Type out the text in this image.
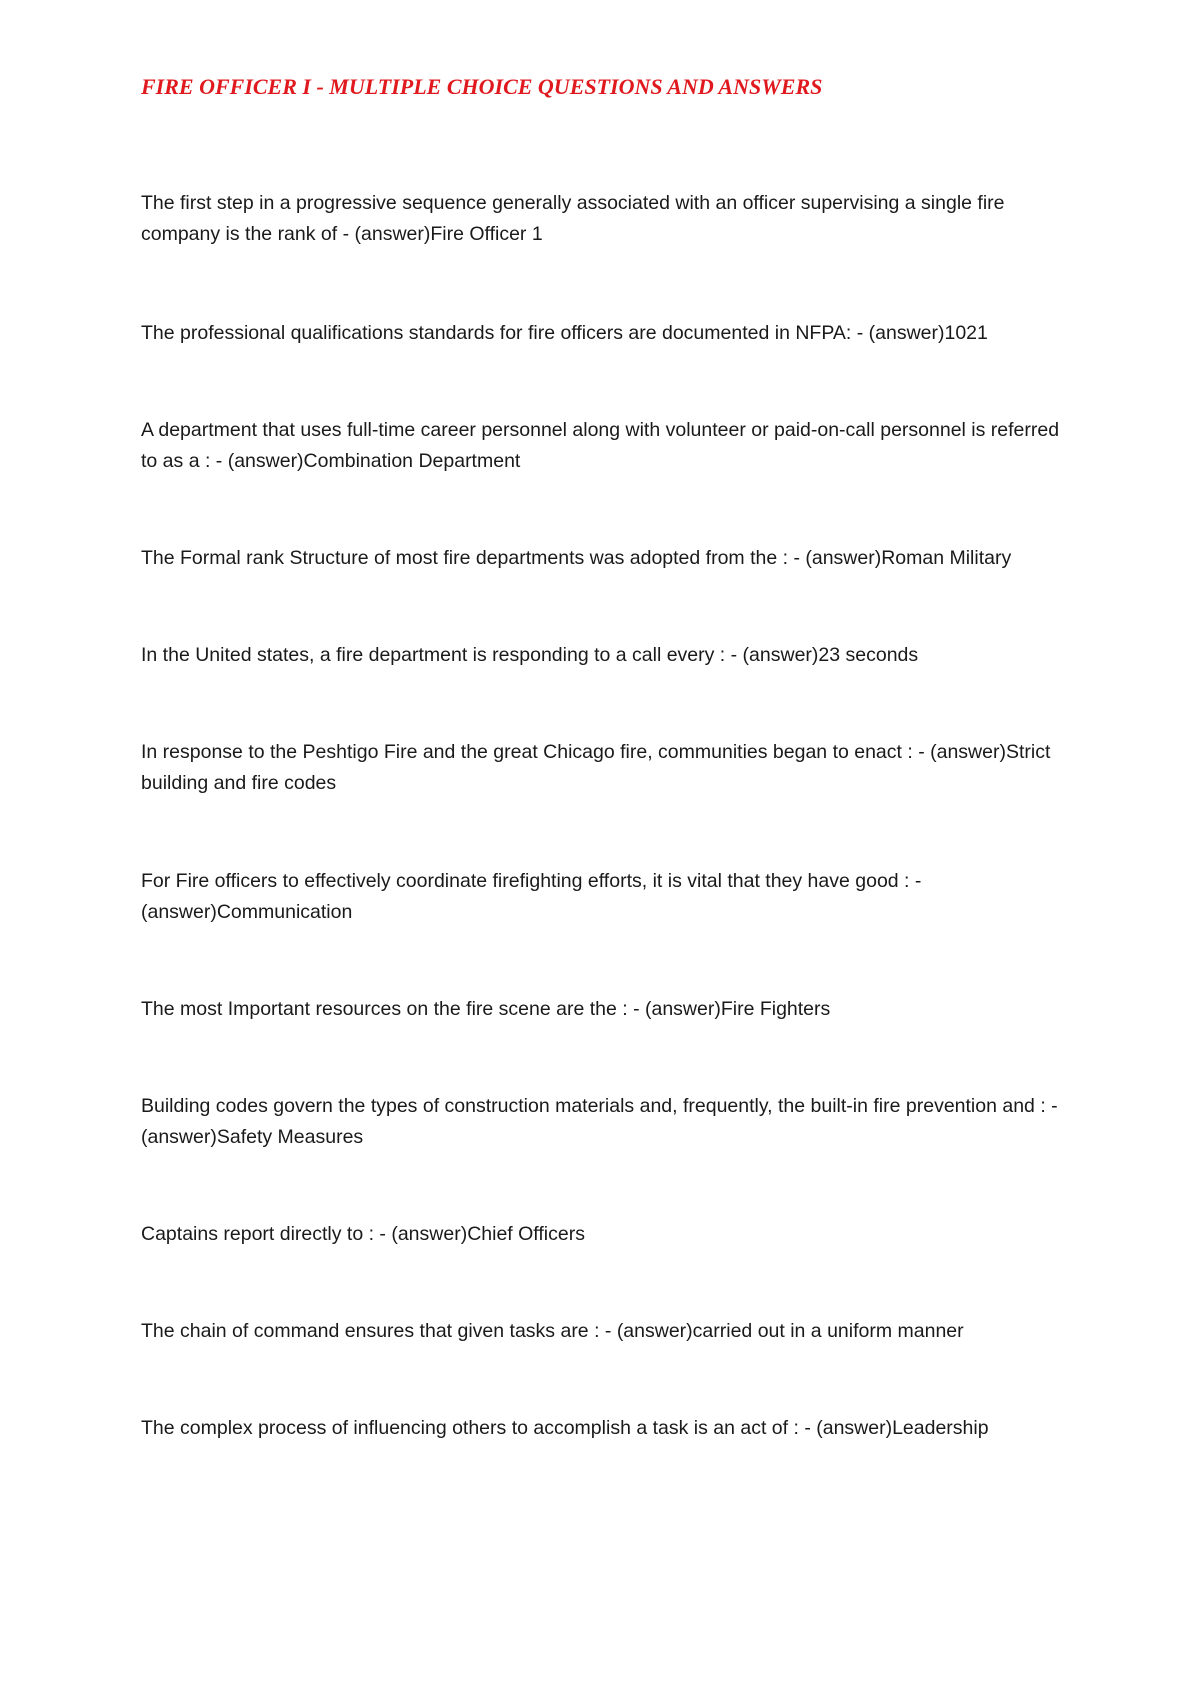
FIRE OFFICER I - MULTIPLE CHOICE QUESTIONS AND ANSWERS

The first step in a progressive sequence generally associated with an officer supervising a single fire company is the rank of - (answer)Fire Officer 1

The professional qualifications standards for fire officers are documented in NFPA: - (answer)1021

A department that uses full-time career personnel along with volunteer or paid-on-call personnel is referred to as a : - (answer)Combination Department

The Formal rank Structure of most fire departments was adopted from the : - (answer)Roman Military

In the United states, a fire department is responding to a call every : - (answer)23 seconds

In response to the Peshtigo Fire and the great Chicago fire, communities began to enact : - (answer)Strict building and fire codes

For Fire officers to effectively coordinate firefighting efforts, it is vital that they have good : - (answer)Communication

The most Important resources on the fire scene are the : - (answer)Fire Fighters

Building codes govern the types of construction materials and, frequently, the built-in fire prevention and : - (answer)Safety Measures

Captains report directly to : - (answer)Chief Officers

The chain of command ensures that given tasks are : - (answer)carried out in a uniform manner

The complex process of influencing others to accomplish a task is an act of : - (answer)Leadership
